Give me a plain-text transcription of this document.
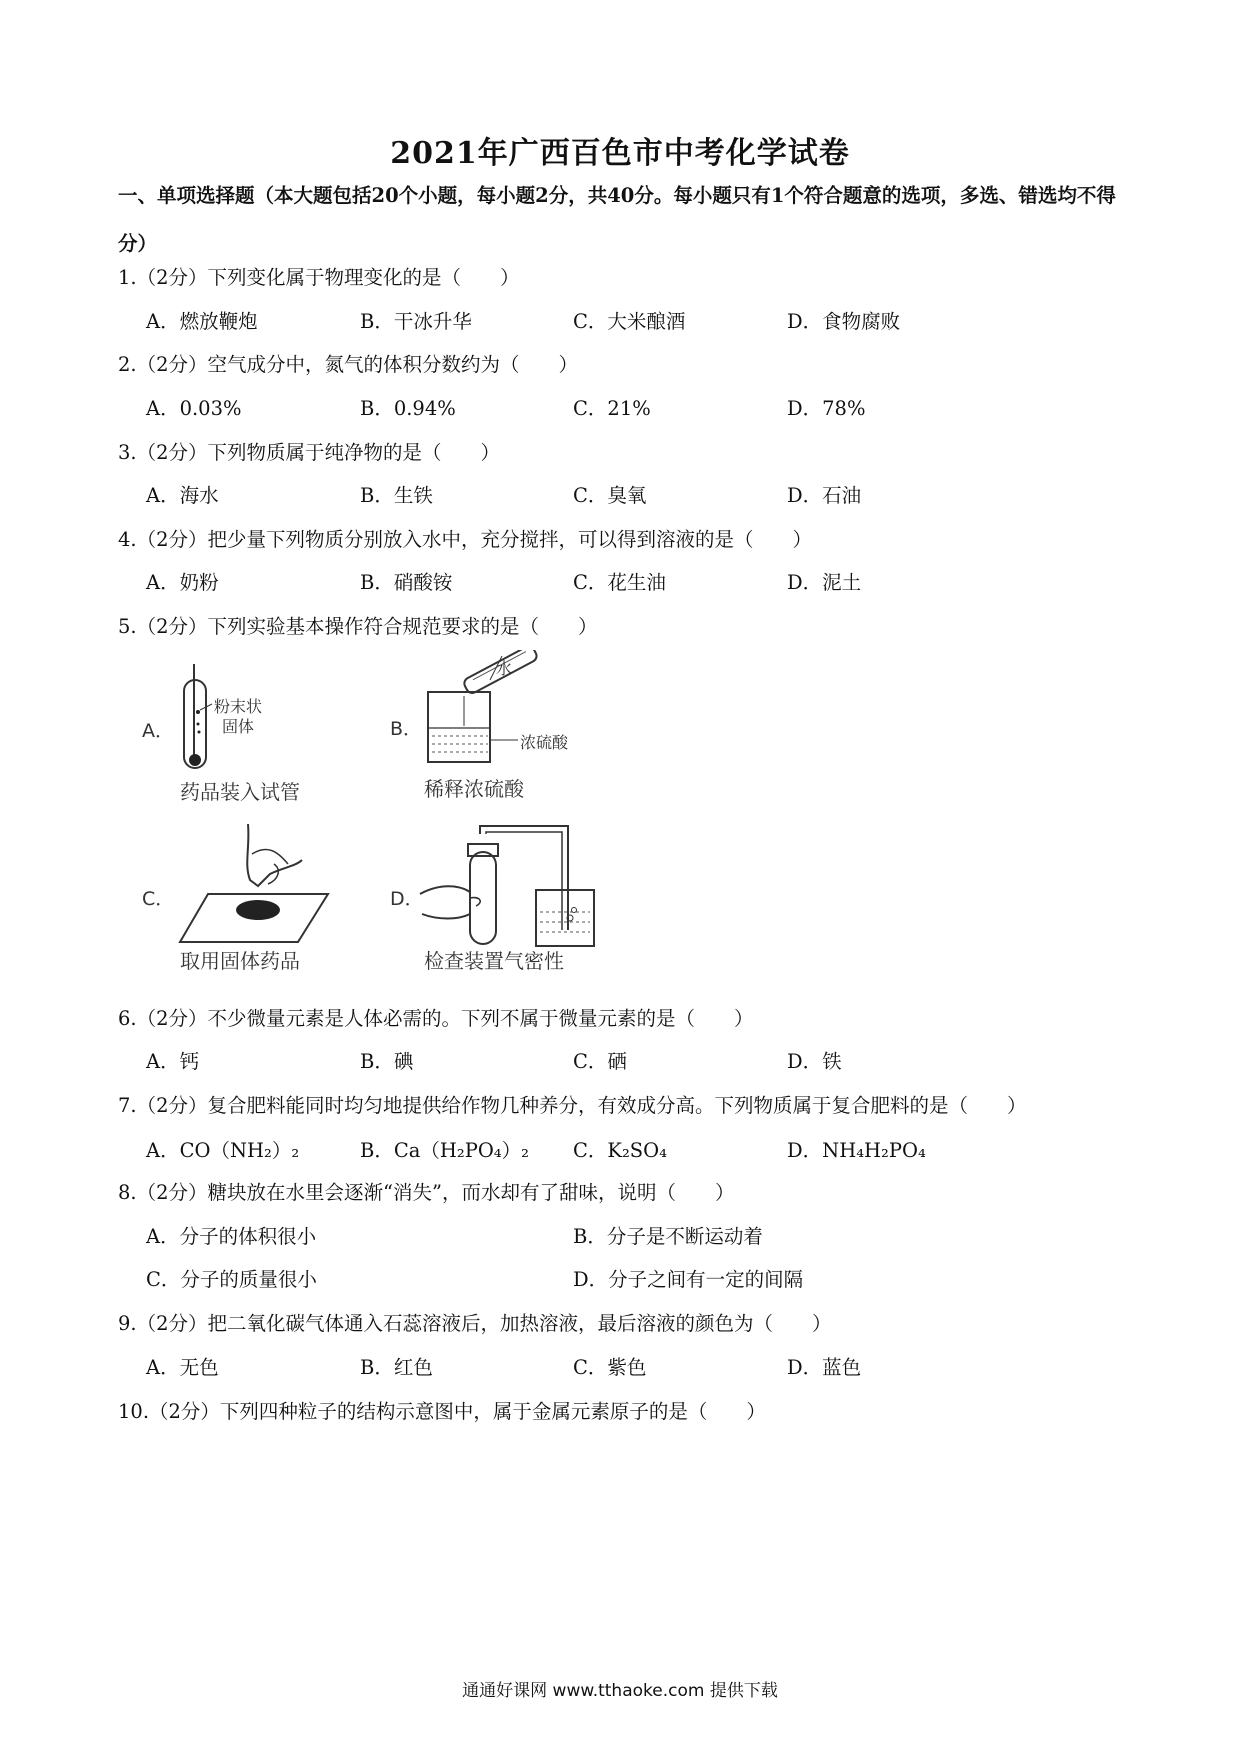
2021年广西百色市中考化学试卷
一、单项选择题（本大题包括20个小题，每小题2分，共40分。每小题只有1个符合题意的选项，多选、错选均不得分）
1.（2分）下列变化属于物理变化的是（　　）
A．燃放鞭炮	B．干冰升华	C．大米酿酒	D．食物腐败
2.（2分）空气成分中，氮气的体积分数约为（　　）
A．0.03%	B．0.94%	C．21%	D．78%
3.（2分）下列物质属于纯净物的是（　　）
A．海水	B．生铁	C．臭氧	D．石油
4.（2分）把少量下列物质分别放入水中，充分搅拌，可以得到溶液的是（　　）
A．奶粉	B．硝酸铵	C．花生油	D．泥土
5.（2分）下列实验基本操作符合规范要求的是（　　）
A．
粉末状
固体
药品装入试管
B．
水
浓硫酸
稀释浓硫酸
C．
取用固体药品
D．
检查装置气密性
6.（2分）不少微量元素是人体必需的。下列不属于微量元素的是（　　）
A．钙	B．碘	C．硒	D．铁
7.（2分）复合肥料能同时均匀地提供给作物几种养分，有效成分高。下列物质属于复合肥料的是（　　）
A．CO（NH₂）₂	B．Ca（H₂PO₄）₂ C．K₂SO₄	D．NH₄H₂PO₄
8.（2分）糖块放在水里会逐渐“消失”，而水却有了甜味，说明（　　）
A．分子的体积很小	B．分子是不断运动着
C．分子的质量很小	D．分子之间有一定的间隔
9.（2分）把二氧化碳气体通入石蕊溶液后，加热溶液，最后溶液的颜色为（　　）
A．无色	B．红色	C．紫色	D．蓝色
10.（2分）下列四种粒子的结构示意图中，属于金属元素原子的是（　　）
通通好课网 www.tthaoke.com 提供下载
